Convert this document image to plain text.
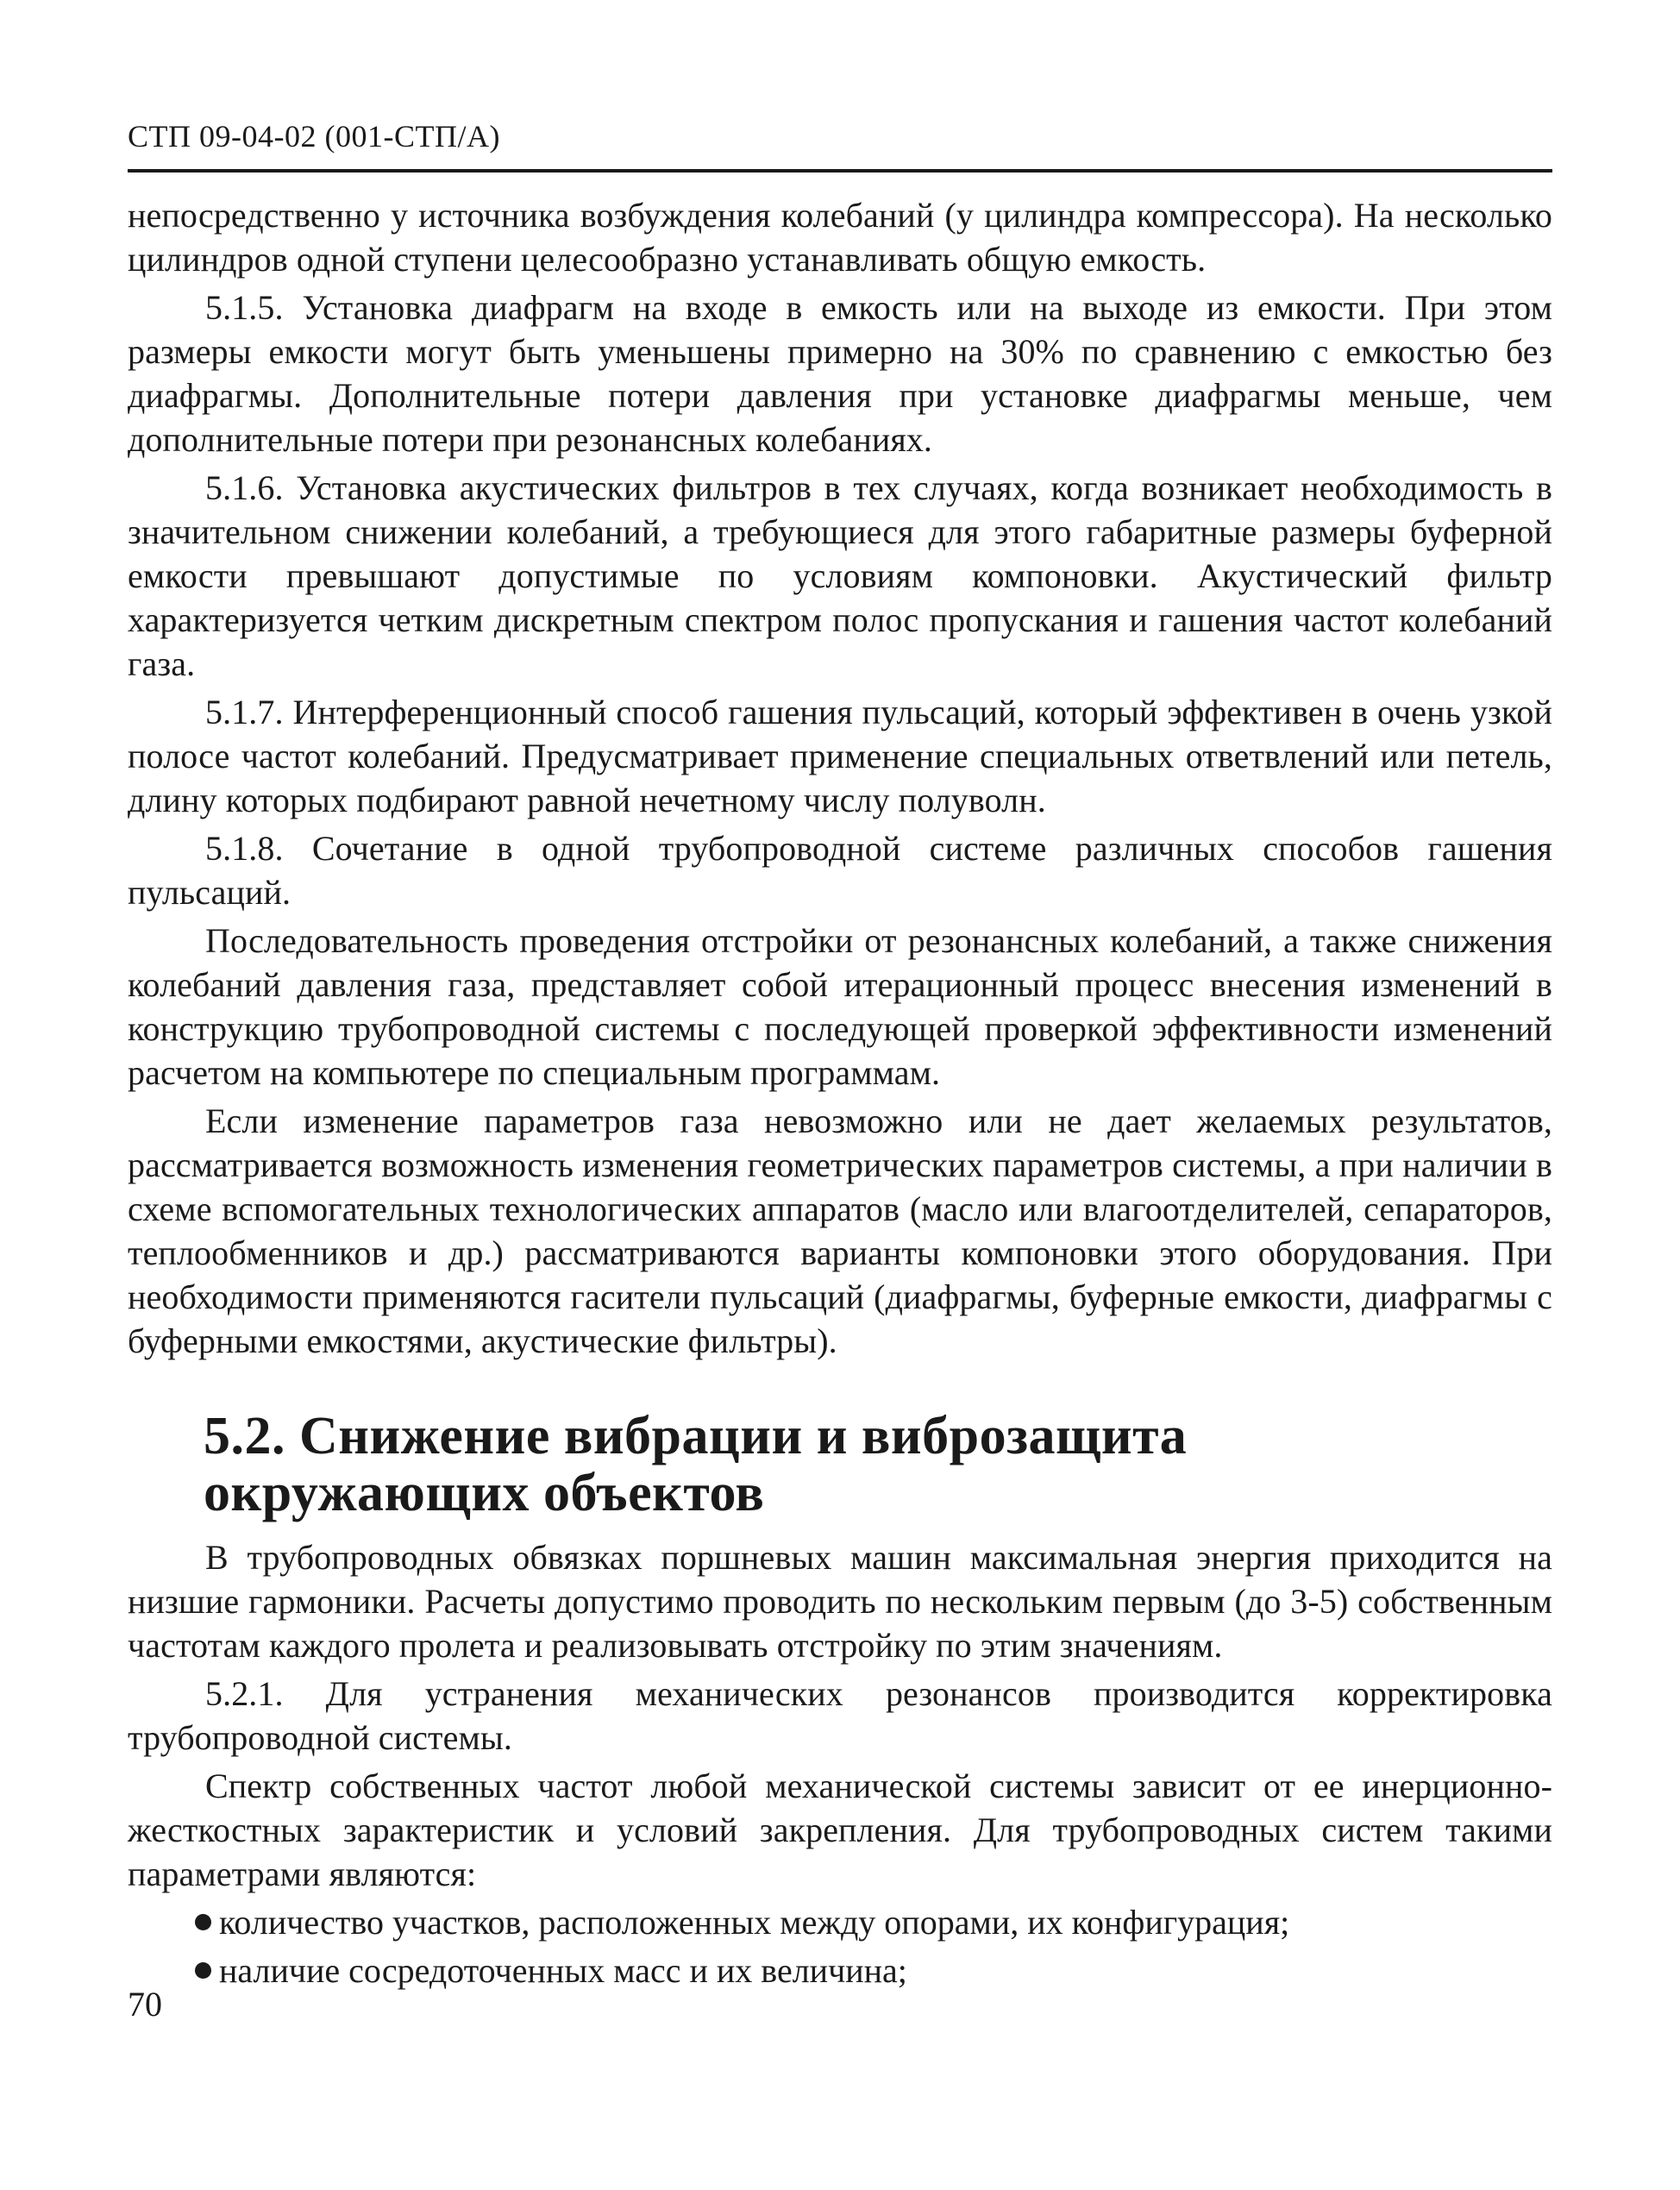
СТП 09-04-02 (001-СТП/А)

непосредственно у источника возбуждения колебаний (у цилиндра компрессора). На несколько цилиндров одной ступени целесообразно устанавливать общую емкость.

5.1.5. Установка диафрагм на входе в емкость или на выходе из емкости. При этом размеры емкости могут быть уменьшены примерно на 30% по сравнению с емкостью без диафрагмы. Дополнительные потери давления при установке диафрагмы меньше, чем дополнительные потери при резонансных колебаниях.

5.1.6. Установка акустических фильтров в тех случаях, когда возникает необходимость в значительном снижении колебаний, а требующиеся для этого габаритные размеры буферной емкости превышают допустимые по условиям компоновки. Акустический фильтр характеризуется четким дискретным спектром полос пропускания и гашения частот колебаний газа.

5.1.7. Интерференционный способ гашения пульсаций, который эффективен в очень узкой полосе частот колебаний. Предусматривает применение специальных ответвлений или петель, длину которых подбирают равной нечетному числу полуволн.

5.1.8. Сочетание в одной трубопроводной системе различных способов гашения пульсаций.

Последовательность проведения отстройки от резонансных колебаний, а также снижения колебаний давления газа, представляет собой итерационный процесс внесения изменений в конструкцию трубопроводной системы с последующей проверкой эффективности изменений расчетом на компьютере по специальным программам.

Если изменение параметров газа невозможно или не дает желаемых результатов, рассматривается возможность изменения геометрических параметров системы, а при наличии в схеме вспомогательных технологических аппаратов (масло или влагоотделителей, сепараторов, теплообменников и др.) рассматриваются варианты компоновки этого оборудования. При необходимости применяются гасители пульсаций (диафрагмы, буферные емкости, диафрагмы с буферными емкостями, акустические фильтры).

5.2. Снижение вибрации и виброзащита
окружающих объектов

В трубопроводных обвязках поршневых машин максимальная энергия приходится на низшие гармоники. Расчеты допустимо проводить по нескольким первым (до 3-5) собственным частотам каждого пролета и реализовывать отстройку по этим значениям.

5.2.1. Для устранения механических резонансов производится корректировка трубопроводной системы.

Спектр собственных частот любой механической системы зависит от ее инерционно-жесткостных зарактеристик и условий закрепления. Для трубопроводных систем такими параметрами являются:

количество участков, расположенных между опорами, их конфигурация;
наличие сосредоточенных масс и их величина;
70
